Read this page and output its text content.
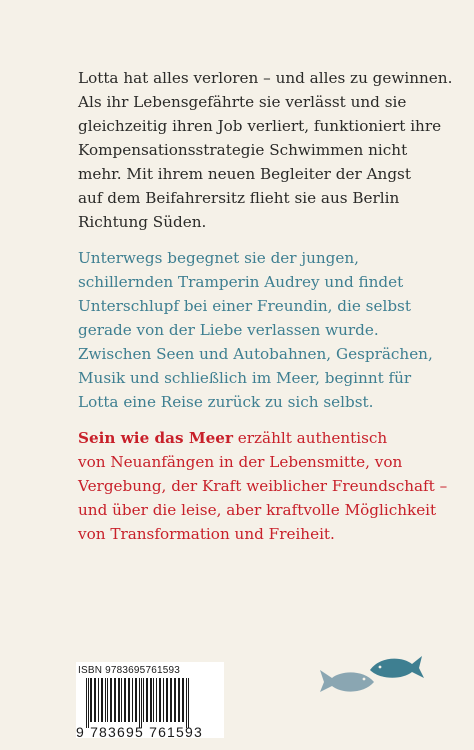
Lotta hat alles verloren – und alles zu gewinnen.
Als ihr Lebensgefährte sie verlässt und sie
gleichzeitig ihren Job verliert, funktioniert ihre
Kompensationsstrategie Schwimmen nicht
mehr. Mit ihrem neuen Begleiter der Angst
auf dem Beifahrersitz flieht sie aus Berlin
Richtung Süden.
Unterwegs begegnet sie der jungen,
schillernden Tramperin Audrey und findet
Unterschlupf bei einer Freundin, die selbst
gerade von der Liebe verlassen wurde.
Zwischen Seen und Autobahnen, Gesprächen,
Musik und schließlich im Meer, beginnt für
Lotta eine Reise zurück zu sich selbst.
Sein wie das Meer erzählt authentisch
von Neuanfängen in der Lebensmitte, von
Vergebung, der Kraft weiblicher Freundschaft –
und über die leise, aber kraftvolle Möglichkeit
von Transformation und Freiheit.
ISBN 9783695761593
9 783695 761593
